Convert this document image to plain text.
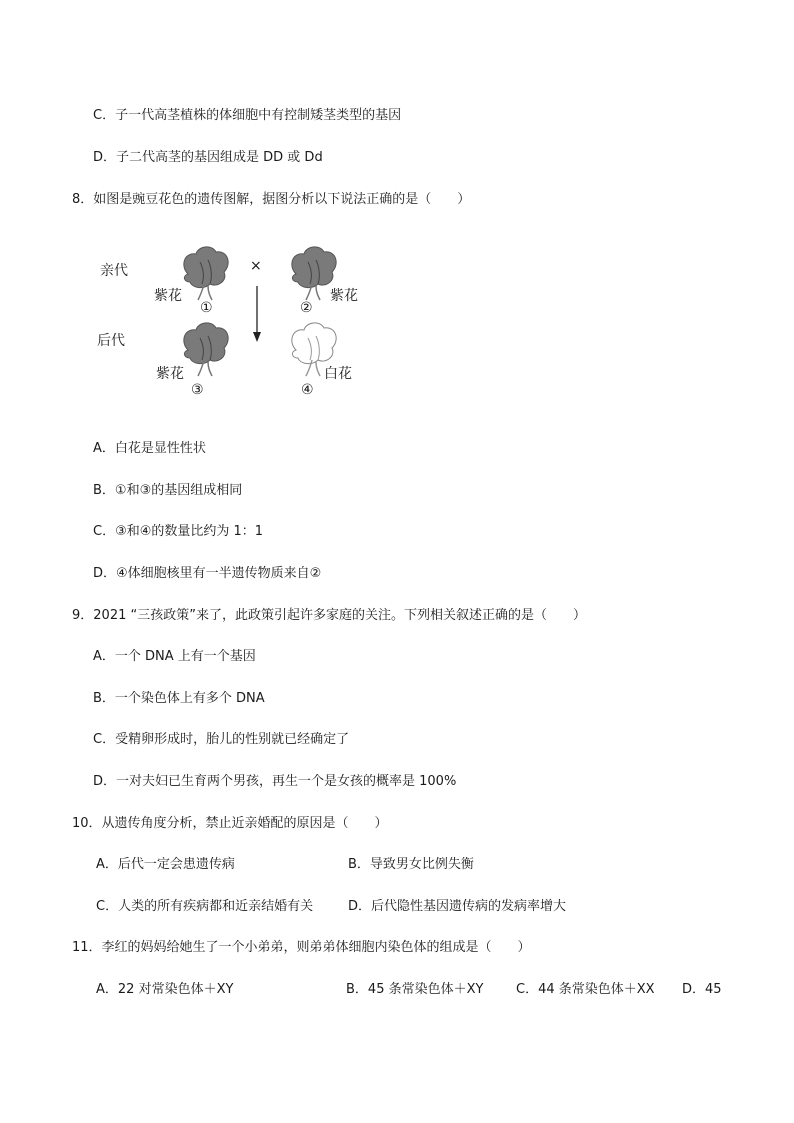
C．子一代高茎植株的体细胞中有控制矮茎类型的基因
D．子二代高茎的基因组成是 DD 或 Dd
8．如图是豌豆花色的遗传图解，据图分析以下说法正确的是（　　）
亲代
后代
紫花
①
×
②
紫花
紫花
③
白花
④
A．白花是显性性状
B．①和③的基因组成相同
C．③和④的数量比约为 1：1
D．④体细胞核里有一半遗传物质来自②
9．2021 “三孩政策”来了，此政策引起许多家庭的关注。下列相关叙述正确的是（　　）
A．一个 DNA 上有一个基因
B．一个染色体上有多个 DNA
C．受精卵形成时，胎儿的性别就已经确定了
D．一对夫妇已生育两个男孩，再生一个是女孩的概率是 100%
10．从遗传角度分析，禁止近亲婚配的原因是（　　）
A．后代一定会患遗传病	B．导致男女比例失衡
C．人类的所有疾病都和近亲结婚有关	D．后代隐性基因遗传病的发病率增大
11．李红的妈妈给她生了一个小弟弟，则弟弟体细胞内染色体的组成是（　　）
A．22 对常染色体＋XY	B．45 条常染色体＋XY	C．44 条常染色体＋XX D．45
